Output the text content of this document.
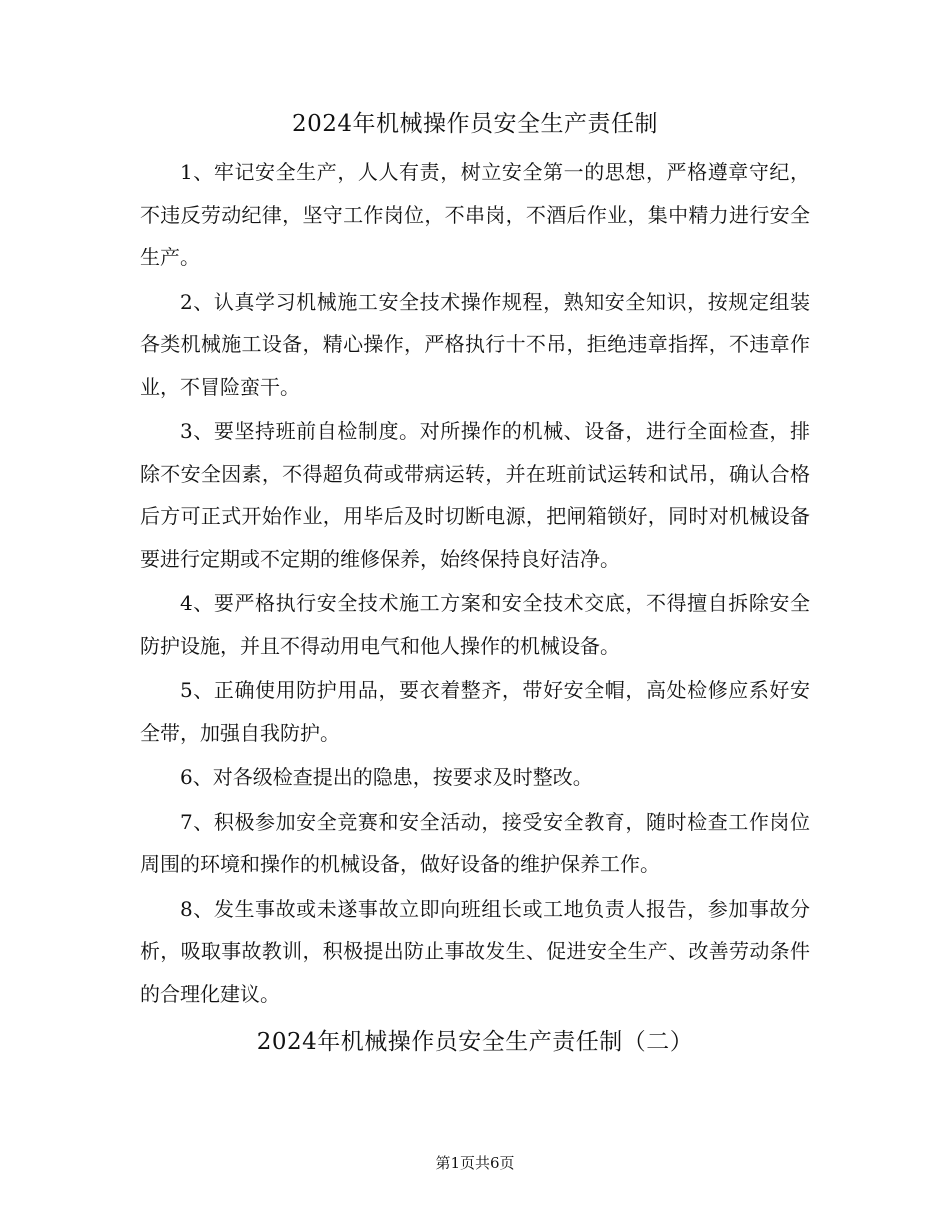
2024年机械操作员安全生产责任制

1、牢记安全生产，人人有责，树立安全第一的思想，严格遵章守纪，不违反劳动纪律，坚守工作岗位，不串岗，不酒后作业，集中精力进行安全生产。

2、认真学习机械施工安全技术操作规程，熟知安全知识，按规定组装各类机械施工设备，精心操作，严格执行十不吊，拒绝违章指挥，不违章作业，不冒险蛮干。

3、要坚持班前自检制度。对所操作的机械、设备，进行全面检查，排除不安全因素，不得超负荷或带病运转，并在班前试运转和试吊，确认合格后方可正式开始作业，用毕后及时切断电源，把闸箱锁好，同时对机械设备要进行定期或不定期的维修保养，始终保持良好洁净。

4、要严格执行安全技术施工方案和安全技术交底，不得擅自拆除安全防护设施，并且不得动用电气和他人操作的机械设备。

5、正确使用防护用品，要衣着整齐，带好安全帽，高处检修应系好安全带，加强自我防护。

6、对各级检查提出的隐患，按要求及时整改。

7、积极参加安全竞赛和安全活动，接受安全教育，随时检查工作岗位周围的环境和操作的机械设备，做好设备的维护保养工作。

8、发生事故或未遂事故立即向班组长或工地负责人报告，参加事故分析，吸取事故教训，积极提出防止事故发生、促进安全生产、改善劳动条件的合理化建议。

2024年机械操作员安全生产责任制（二）
第1页共6页
